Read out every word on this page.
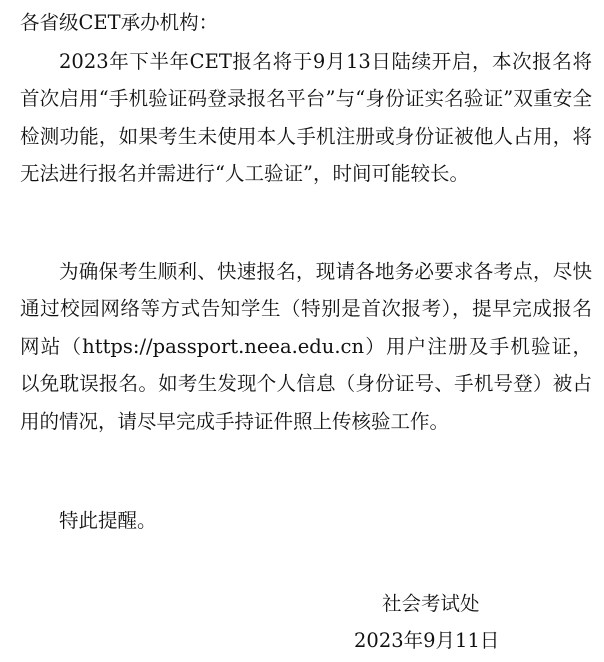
各省级CET承办机构：

2023年下半年CET报名将于9月13日陆续开启，本次报名将首次启用“手机验证码登录报名平台”与“身份证实名验证”双重安全检测功能，如果考生未使用本人手机注册或身份证被他人占用，将无法进行报名并需进行“人工验证”，时间可能较长。

为确保考生顺利、快速报名，现请各地务必要求各考点，尽快通过校园网络等方式告知学生（特别是首次报考），提早完成报名网站（https://passport.neea.edu.cn）用户注册及手机验证，以免耽误报名。如考生发现个人信息（身份证号、手机号登）被占用的情况，请尽早完成手持证件照上传核验工作。

特此提醒。

社会考试处
2023年9月11日
